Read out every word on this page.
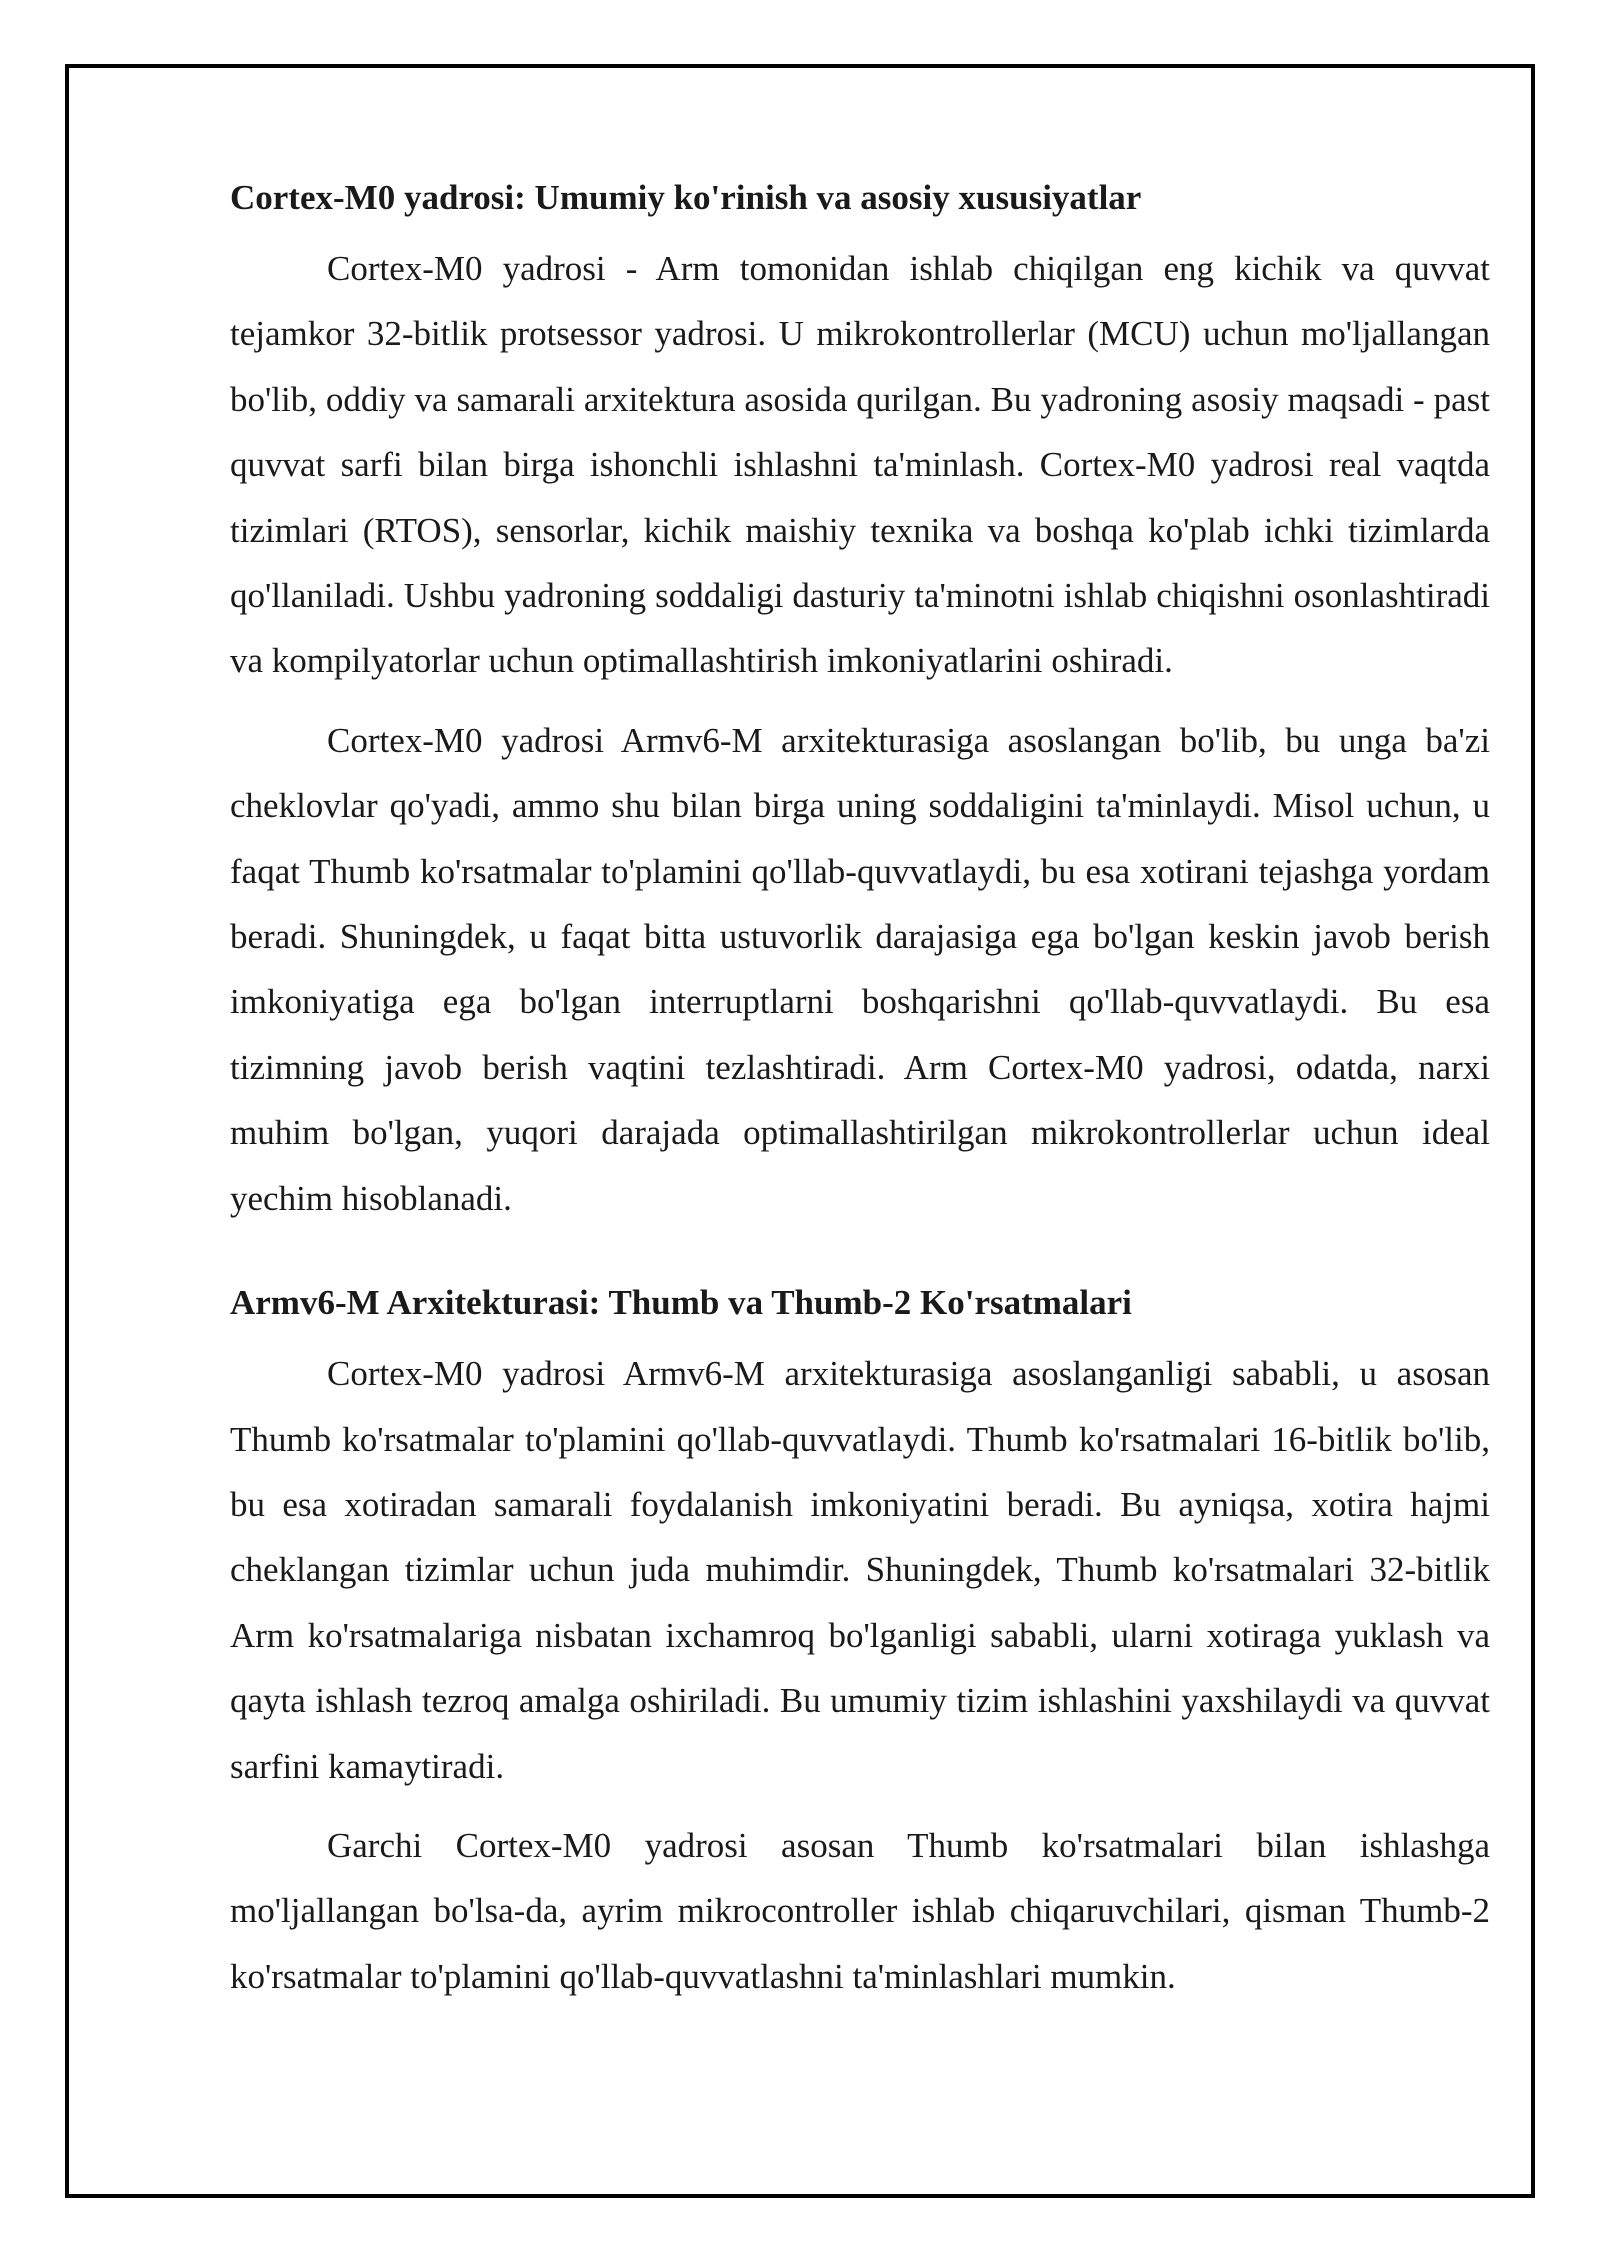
Cortex-M0 yadrosi: Umumiy ko'rinish va asosiy xususiyatlar

Cortex-M0 yadrosi - Arm tomonidan ishlab chiqilgan eng kichik va quvvat tejamkor 32-bitlik protsessor yadrosi. U mikrokontrollerlar (MCU) uchun mo'ljallangan bo'lib, oddiy va samarali arxitektura asosida qurilgan. Bu yadroning asosiy maqsadi - past quvvat sarfi bilan birga ishonchli ishlashni ta'minlash. Cortex-M0 yadrosi real vaqtda tizimlari (RTOS), sensorlar, kichik maishiy texnika va boshqa ko'plab ichki tizimlarda qo'llaniladi. Ushbu yadroning soddaligi dasturiy ta'minotni ishlab chiqishni osonlashtiradi va kompilyatorlar uchun optimallashtirish imkoniyatlarini oshiradi.

Cortex-M0 yadrosi Armv6-M arxitekturasiga asoslangan bo'lib, bu unga ba'zi cheklovlar qo'yadi, ammo shu bilan birga uning soddaligini ta'minlaydi. Misol uchun, u faqat Thumb ko'rsatmalar to'plamini qo'llab-quvvatlaydi, bu esa xotirani tejashga yordam beradi. Shuningdek, u faqat bitta ustuvorlik darajasiga ega bo'lgan keskin javob berish imkoniyatiga ega bo'lgan interruptlarni boshqarishni qo'llab-quvvatlaydi. Bu esa tizimning javob berish vaqtini tezlashtiradi. Arm Cortex-M0 yadrosi, odatda, narxi muhim bo'lgan, yuqori darajada optimallashtirilgan mikrokontrollerlar uchun ideal yechim hisoblanadi.

Armv6-M Arxitekturasi: Thumb va Thumb-2 Ko'rsatmalari

Cortex-M0 yadrosi Armv6-M arxitekturasiga asoslanganligi sababli, u asosan Thumb ko'rsatmalar to'plamini qo'llab-quvvatlaydi. Thumb ko'rsatmalari 16-bitlik bo'lib, bu esa xotiradan samarali foydalanish imkoniyatini beradi. Bu ayniqsa, xotira hajmi cheklangan tizimlar uchun juda muhimdir. Shuningdek, Thumb ko'rsatmalari 32-bitlik Arm ko'rsatmalariga nisbatan ixchamroq bo'lganligi sababli, ularni xotiraga yuklash va qayta ishlash tezroq amalga oshiriladi. Bu umumiy tizim ishlashini yaxshilaydi va quvvat sarfini kamaytiradi.

Garchi Cortex-M0 yadrosi asosan Thumb ko'rsatmalari bilan ishlashga mo'ljallangan bo'lsa-da, ayrim mikrocontroller ishlab chiqaruvchilari, qisman Thumb-2 ko'rsatmalar to'plamini qo'llab-quvvatlashni ta'minlashlari mumkin.
